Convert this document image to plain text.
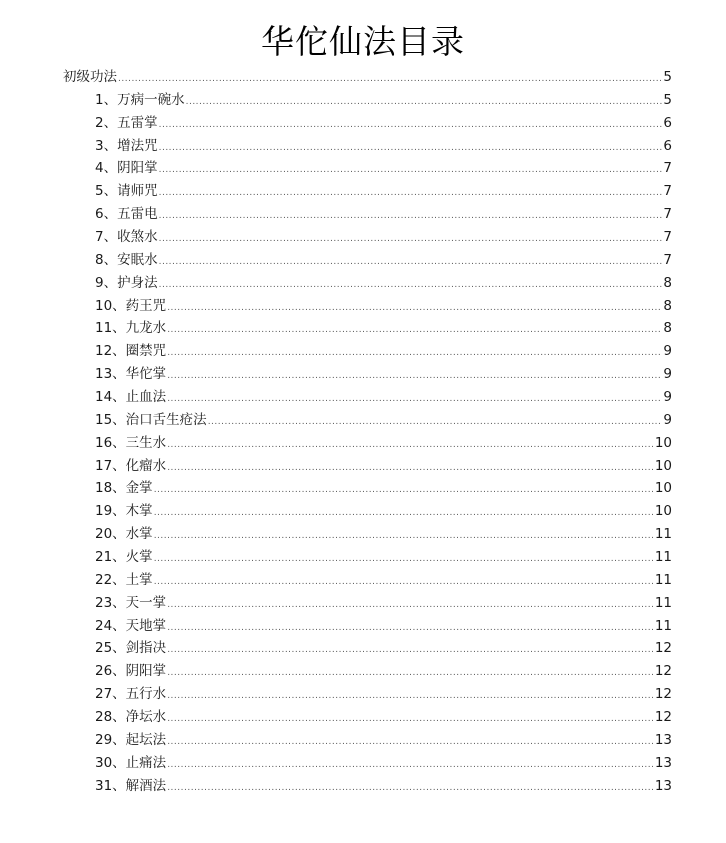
华佗仙法目录
初级功法 .....	5
1、万病一碗水 .....	5
2、五雷掌 .....	6
3、增法咒 .....	6
4、阴阳掌 .....	7
5、请师咒 .....	7
6、五雷电 .....	7
7、收煞水 .....	7
8、安眠水 .....	7
9、护身法 .....	8
10、药王咒 .....	8
11、九龙水 .....	8
12、圈禁咒 .....	9
13、华佗掌 .....	9
14、止血法 .....	9
15、治口舌生疮法 .....	9
16、三生水 .....	10
17、化瘤水 .....	10
18、金掌 .....	10
19、木掌 .....	10
20、水掌 .....	11
21、火掌 .....	11
22、土掌 .....	11
23、天一掌 .....	11
24、天地掌 .....	11
25、剑指决 .....	12
26、阴阳掌 .....	12
27、五行水 .....	12
28、净坛水 .....	12
29、起坛法 .....	13
30、止痛法 .....	13
31、解酒法 .....	13
